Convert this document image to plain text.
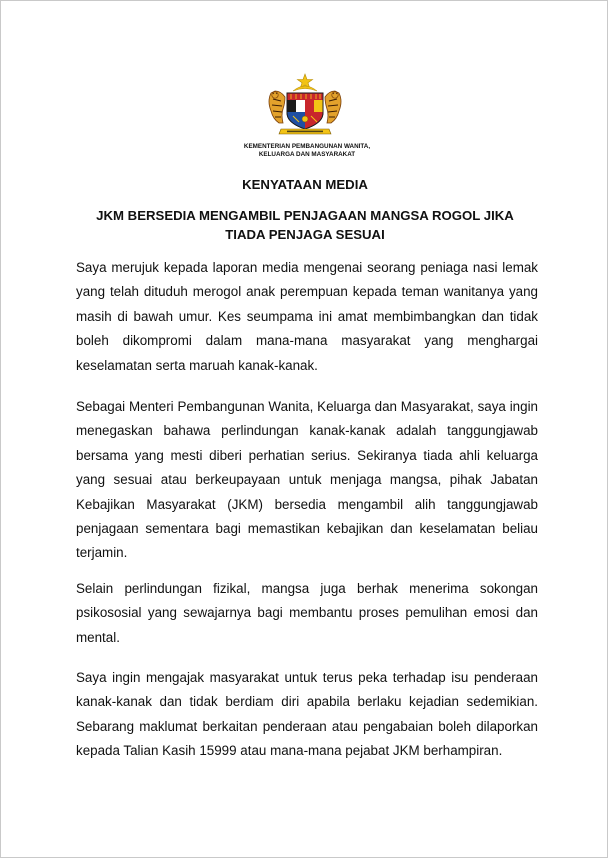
KEMENTERIAN PEMBANGUNAN WANITA,
KELUARGA DAN MASYARAKAT
KENYATAAN MEDIA
JKM BERSEDIA MENGAMBIL PENJAGAAN MANGSA ROGOL JIKA
TIADA PENJAGA SESUAI

Saya merujuk kepada laporan media mengenai seorang peniaga nasi lemak yang telah dituduh merogol anak perempuan kepada teman wanitanya yang masih di bawah umur. Kes seumpama ini amat membimbangkan dan tidak boleh dikompromi dalam mana-mana masyarakat yang menghargai keselamatan serta maruah kanak-kanak.

Sebagai Menteri Pembangunan Wanita, Keluarga dan Masyarakat, saya ingin menegaskan bahawa perlindungan kanak-kanak adalah tanggungjawab bersama yang mesti diberi perhatian serius. Sekiranya tiada ahli keluarga yang sesuai atau berkeupayaan untuk menjaga mangsa, pihak Jabatan Kebajikan Masyarakat (JKM) bersedia mengambil alih tanggungjawab penjagaan sementara bagi memastikan kebajikan dan keselamatan beliau terjamin.

Selain perlindungan fizikal, mangsa juga berhak menerima sokongan psikososial yang sewajarnya bagi membantu proses pemulihan emosi dan mental.

Saya ingin mengajak masyarakat untuk terus peka terhadap isu penderaan kanak-kanak dan tidak berdiam diri apabila berlaku kejadian sedemikian. Sebarang maklumat berkaitan penderaan atau pengabaian boleh dilaporkan kepada Talian Kasih 15999 atau mana-mana pejabat JKM berhampiran.
